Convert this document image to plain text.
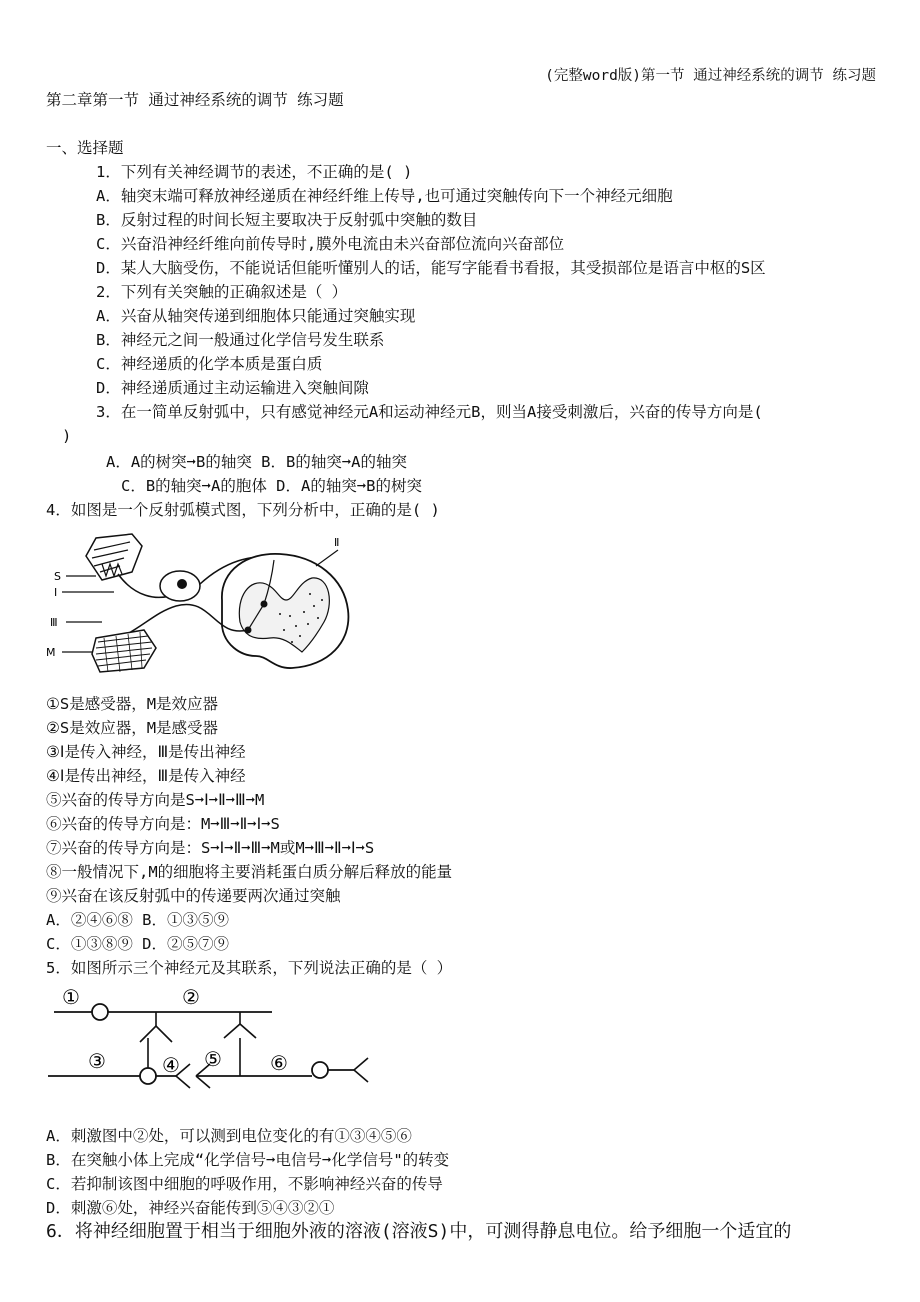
(完整word版)第一节 通过神经系统的调节 练习题
第二章第一节 通过神经系统的调节 练习题
一、选择题
1．下列有关神经调节的表述，不正确的是( )
A．轴突末端可释放神经递质在神经纤维上传导,也可通过突触传向下一个神经元细胞
B．反射过程的时间长短主要取决于反射弧中突触的数目
C．兴奋沿神经纤维向前传导时,膜外电流由未兴奋部位流向兴奋部位
D．某人大脑受伤，不能说话但能听懂别人的话，能写字能看书看报，其受损部位是语言中枢的S区
2．下列有关突触的正确叙述是（ ）
A．兴奋从轴突传递到细胞体只能通过突触实现
B．神经元之间一般通过化学信号发生联系
C．神经递质的化学本质是蛋白质
D．神经递质通过主动运输进入突触间隙
3．在一简单反射弧中，只有感觉神经元A和运动神经元B，则当A接受刺激后，兴奋的传导方向是(
)
A．A的树突➞B的轴突 B．B的轴突➞A的轴突
C．B的轴突➞A的胞体 D．A的轴突➞B的树突
4．如图是一个反射弧模式图，下列分析中，正确的是( )
S
Ⅰ
Ⅲ
M
Ⅱ
①S是感受器，M是效应器
②S是效应器，M是感受器
③Ⅰ是传入神经，Ⅲ是传出神经
④Ⅰ是传出神经，Ⅲ是传入神经
⑤兴奋的传导方向是S➞Ⅰ➞Ⅱ➞Ⅲ➞M
⑥兴奋的传导方向是：M➞Ⅲ➞Ⅱ➞Ⅰ➞S
⑦兴奋的传导方向是：S➞Ⅰ➞Ⅱ➞Ⅲ➞M或M➞Ⅲ➞Ⅱ➞Ⅰ➞S
⑧一般情况下,M的细胞将主要消耗蛋白质分解后释放的能量
⑨兴奋在该反射弧中的传递要两次通过突触
A．②④⑥⑧ B．①③⑤⑨
C．①③⑧⑨ D．②⑤⑦⑨
5．如图所示三个神经元及其联系，下列说法正确的是（ ）
①	②
③	④ ⑤ ⑥
A．刺激图中②处，可以测到电位变化的有①③④⑤⑥
B．在突触小体上完成“化学信号➞电信号➞化学信号"的转变
C．若抑制该图中细胞的呼吸作用，不影响神经兴奋的传导
D．刺激⑥处，神经兴奋能传到⑤④③②①
6．将神经细胞置于相当于细胞外液的溶液(溶液S)中，可测得静息电位。给予细胞一个适宜的
